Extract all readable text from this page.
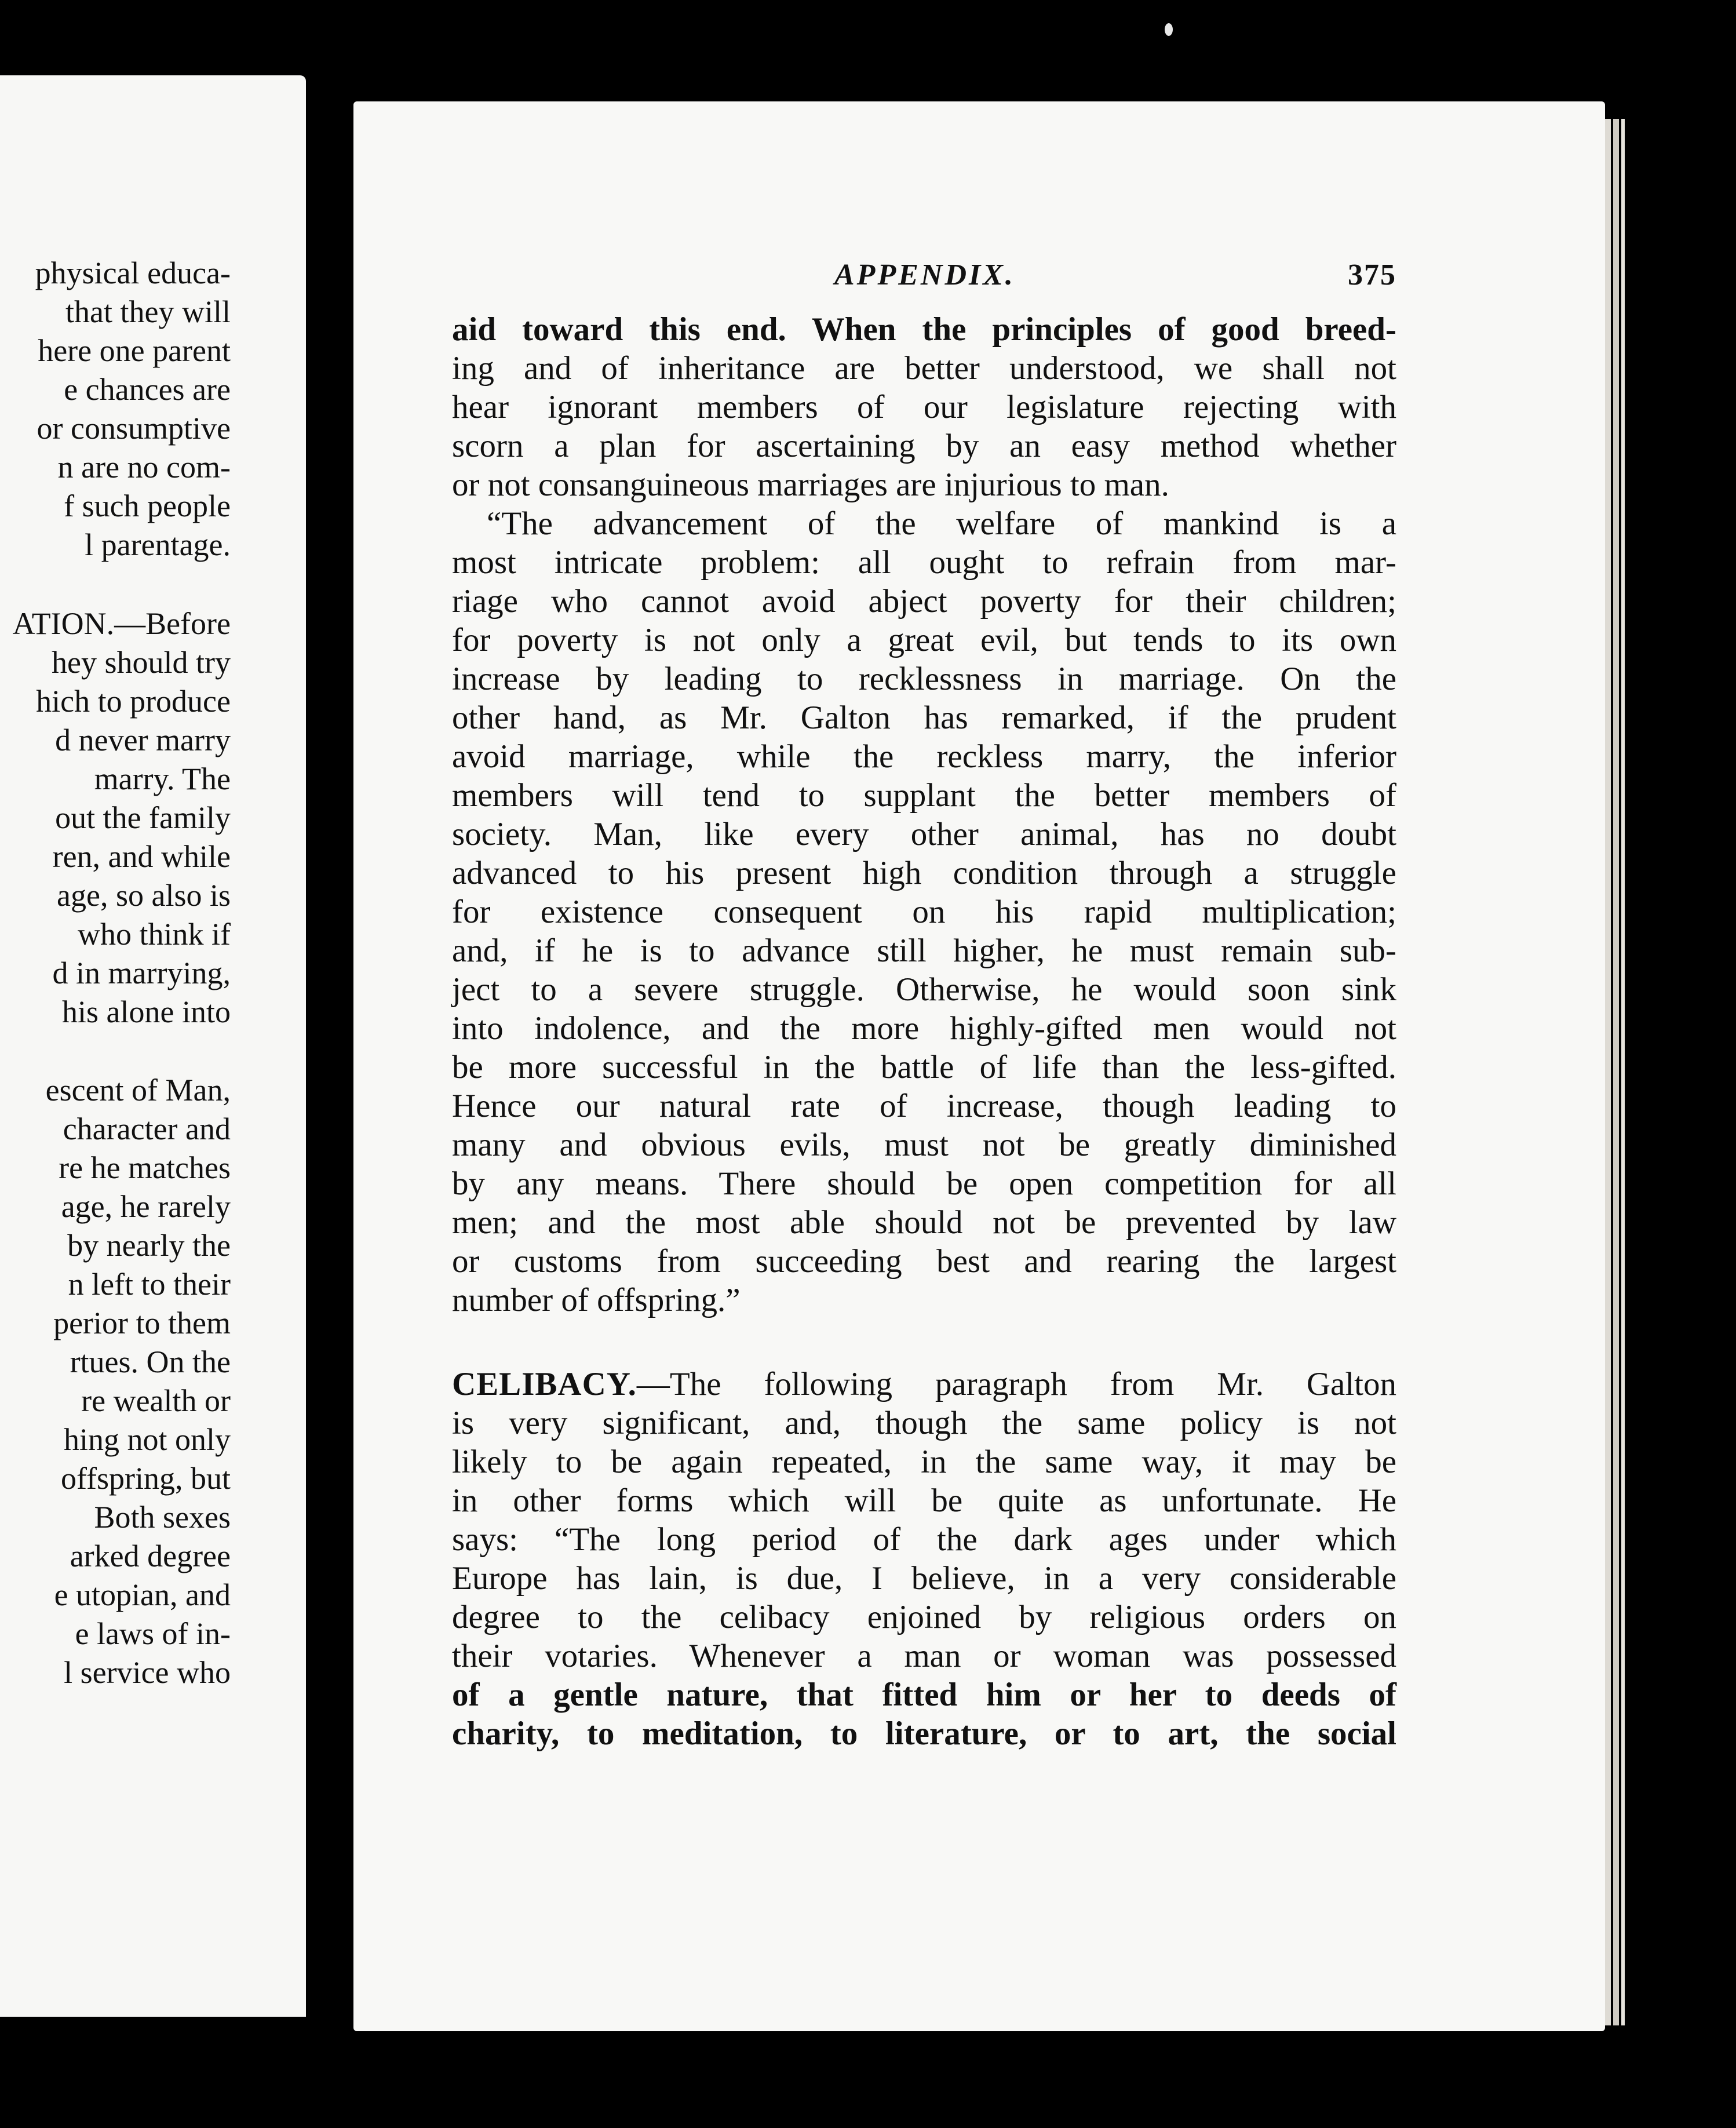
physical educa-
that they will
here one parent
e chances are
or consumptive
n are no com-
f such people
l parentage.
ATION.—Before
hey should try
hich to produce
d never marry
marry. The
out the family
ren, and while
age, so also is
who think if
d in marrying,
his alone into
escent of Man,
character and
re he matches
age, he rarely
by nearly the
n left to their
perior to them
rtues. On the
re wealth or
hing not only
offspring, but
Both sexes
arked degree
e utopian, and
e laws of in-
l service who
APPENDIX.	375
aid toward this end. When the principles of good breed-
ing and of inheritance are better understood, we shall not
hear ignorant members of our legislature rejecting with
scorn a plan for ascertaining by an easy method whether
or not consanguineous marriages are injurious to man.
“The advancement of the welfare of mankind is a
most intricate problem: all ought to refrain from mar-
riage who cannot avoid abject poverty for their children;
for poverty is not only a great evil, but tends to its own
increase by leading to recklessness in marriage. On the
other hand, as Mr. Galton has remarked, if the prudent
avoid marriage, while the reckless marry, the inferior
members will tend to supplant the better members of
society. Man, like every other animal, has no doubt
advanced to his present high condition through a struggle
for existence consequent on his rapid multiplication;
and, if he is to advance still higher, he must remain sub-
ject to a severe struggle. Otherwise, he would soon sink
into indolence, and the more highly-gifted men would not
be more successful in the battle of life than the less-gifted.
Hence our natural rate of increase, though leading to
many and obvious evils, must not be greatly diminished
by any means. There should be open competition for all
men; and the most able should not be prevented by law
or customs from succeeding best and rearing the largest
number of offspring.”
CELIBACY.—The following paragraph from Mr. Galton
is very significant, and, though the same policy is not
likely to be again repeated, in the same way, it may be
in other forms which will be quite as unfortunate. He
says: “The long period of the dark ages under which
Europe has lain, is due, I believe, in a very considerable
degree to the celibacy enjoined by religious orders on
their votaries. Whenever a man or woman was possessed
of a gentle nature, that fitted him or her to deeds of
charity, to meditation, to literature, or to art, the social
